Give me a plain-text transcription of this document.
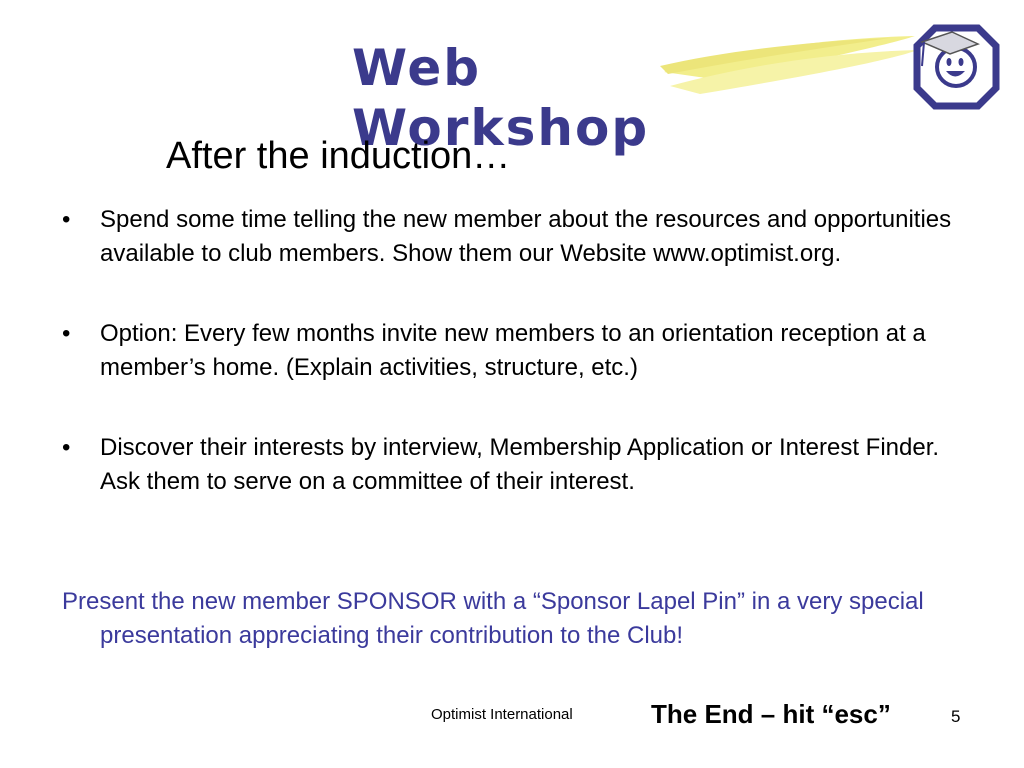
Web
Workshop
After the induction…
• Spend some time telling the new member about the resources and opportunities available to club members. Show them our Website www.optimist.org.
• Option: Every few months invite new members to an orientation reception at a member’s home. (Explain activities, structure, etc.)
• Discover their interests by interview, Membership Application or Interest Finder. Ask them to serve on a committee of their interest.
Present the new member SPONSOR with a “Sponsor Lapel Pin” in a very special presentation appreciating their contribution to the Club!
Optimist International	The End – hit “esc”	5
